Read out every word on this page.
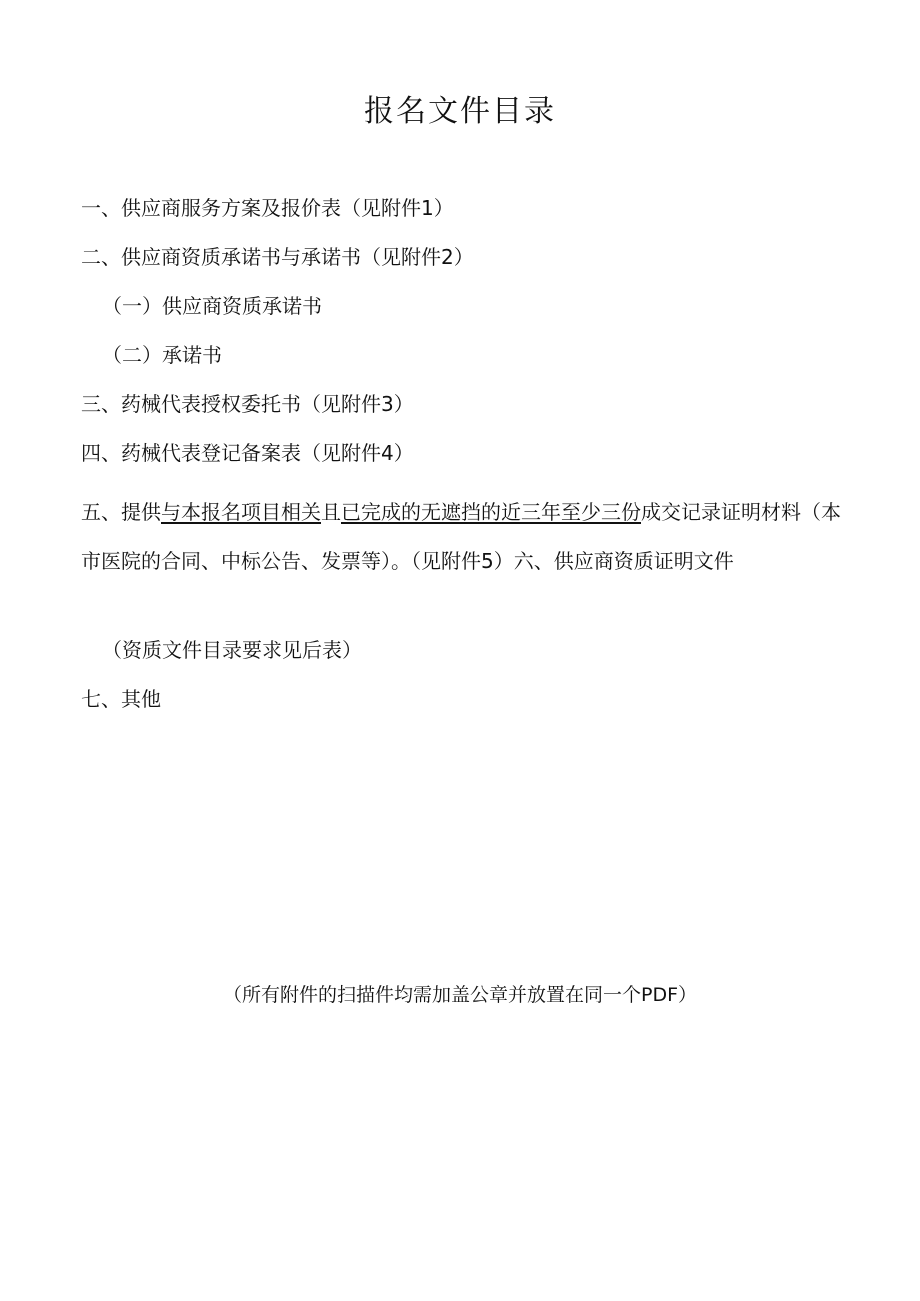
报名文件目录
一、供应商服务方案及报价表（见附件1）
二、供应商资质承诺书与承诺书（见附件2）
（一）供应商资质承诺书
（二）承诺书
三、药械代表授权委托书（见附件3）
四、药械代表登记备案表（见附件4）
五、提供与本报名项目相关且已完成的无遮挡的近三年至少三份成交记录证明材料（本市医院的合同、中标公告、发票等）。（见附件5）六、供应商资质证明文件
（资质文件目录要求见后表）
七、其他
（所有附件的扫描件均需加盖公章并放置在同一个PDF）
